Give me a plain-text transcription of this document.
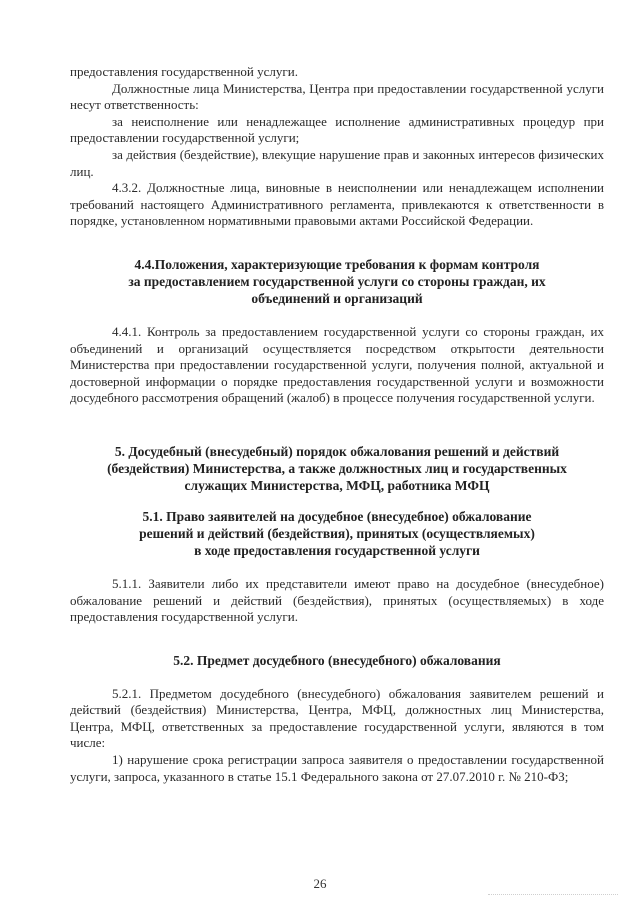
предоставления государственной услуги.

Должностные лица Министерства, Центра при предоставлении государственной услуги несут ответственность:

за неисполнение или ненадлежащее исполнение административных процедур при предоставлении государственной услуги;

за действия (бездействие), влекущие нарушение прав и законных интересов физических лиц.

4.3.2. Должностные лица, виновные в неисполнении или ненадлежащем исполнении требований настоящего Административного регламента, привлекаются к ответственности в порядке, установленном нормативными правовыми актами Российской Федерации.

4.4.Положения, характеризующие требования к формам контроля
за предоставлением государственной услуги со стороны граждан, их
объединений и организаций

4.4.1. Контроль за предоставлением государственной услуги со стороны граждан, их объединений и организаций осуществляется посредством открытости деятельности Министерства при предоставлении государственной услуги, получения полной, актуальной и достоверной информации о порядке предоставления государственной услуги и возможности досудебного рассмотрения обращений (жалоб) в процессе получения государственной услуги.

5. Досудебный (внесудебный) порядок обжалования решений и действий
(бездействия) Министерства, а также должностных лиц и государственных
служащих Министерства, МФЦ, работника МФЦ
5.1. Право заявителей на досудебное (внесудебное) обжалование
решений и действий (бездействия), принятых (осуществляемых)
в ходе предоставления государственной услуги

5.1.1. Заявители либо их представители имеют право на досудебное (внесудебное) обжалование решений и действий (бездействия), принятых (осуществляемых) в ходе предоставления государственной услуги.

5.2. Предмет досудебного (внесудебного) обжалования

5.2.1. Предметом досудебного (внесудебного) обжалования заявителем решений и действий (бездействия) Министерства, Центра, МФЦ, должностных лиц Министерства, Центра, МФЦ, ответственных за предоставление государственной услуги, являются в том числе:

1) нарушение срока регистрации запроса заявителя о предоставлении государственной услуги, запроса, указанного в статье 15.1 Федерального закона от 27.07.2010 г. № 210-ФЗ;

26
